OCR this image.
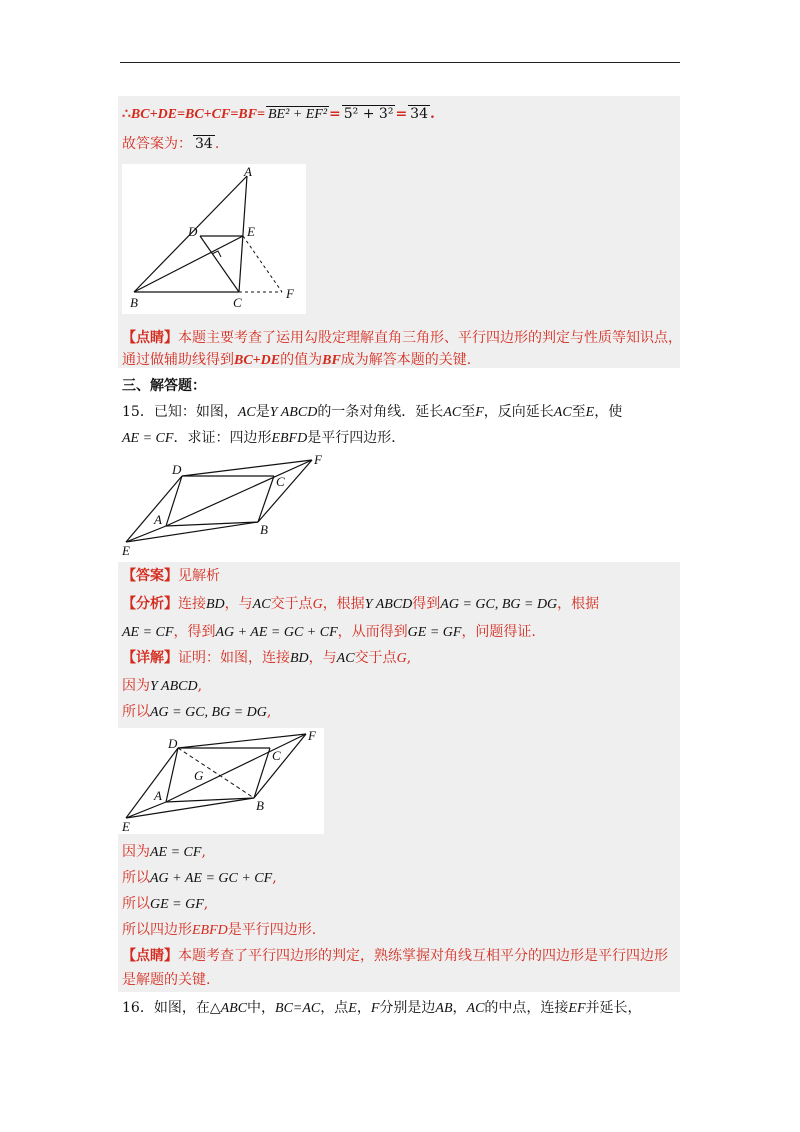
∴BC+DE=BC+CF=BF= BE² + EF² = 5² + 3² = 34 .
故答案为： 34 .
A
B	C
D	E
F
【点睛】本题主要考查了运用勾股定理解直角三角形、平行四边形的判定与性质等知识点，
通过做辅助线得到BC+DE的值为BF成为解答本题的关键.
三、解答题：
15．已知：如图，AC是Y ABCD的一条对角线．延长AC至F，反向延长AC至E，使
AE = CF．求证：四边形EBFD是平行四边形．
D
F
C
A
B
E
【答案】见解析
【分析】连接BD，与AC交于点G，根据Y ABCD得到AG = GC, BG = DG，根据
AE = CF，得到AG + AE = GC + CF，从而得到GE = GF，问题得证.
【详解】证明：如图，连接BD，与AC交于点G,
因为Y ABCD,
所以AG = GC, BG = DG,
D
F
C
G
A
B
E
因为AE = CF,
所以AG + AE = GC + CF,
所以GE = GF,
所以四边形EBFD是平行四边形.
【点睛】本题考查了平行四边形的判定，熟练掌握对角线互相平分的四边形是平行四边形
是解题的关键.
16．如图，在△ABC中，BC=AC，点E，F分别是边AB，AC的中点，连接EF并延长，
